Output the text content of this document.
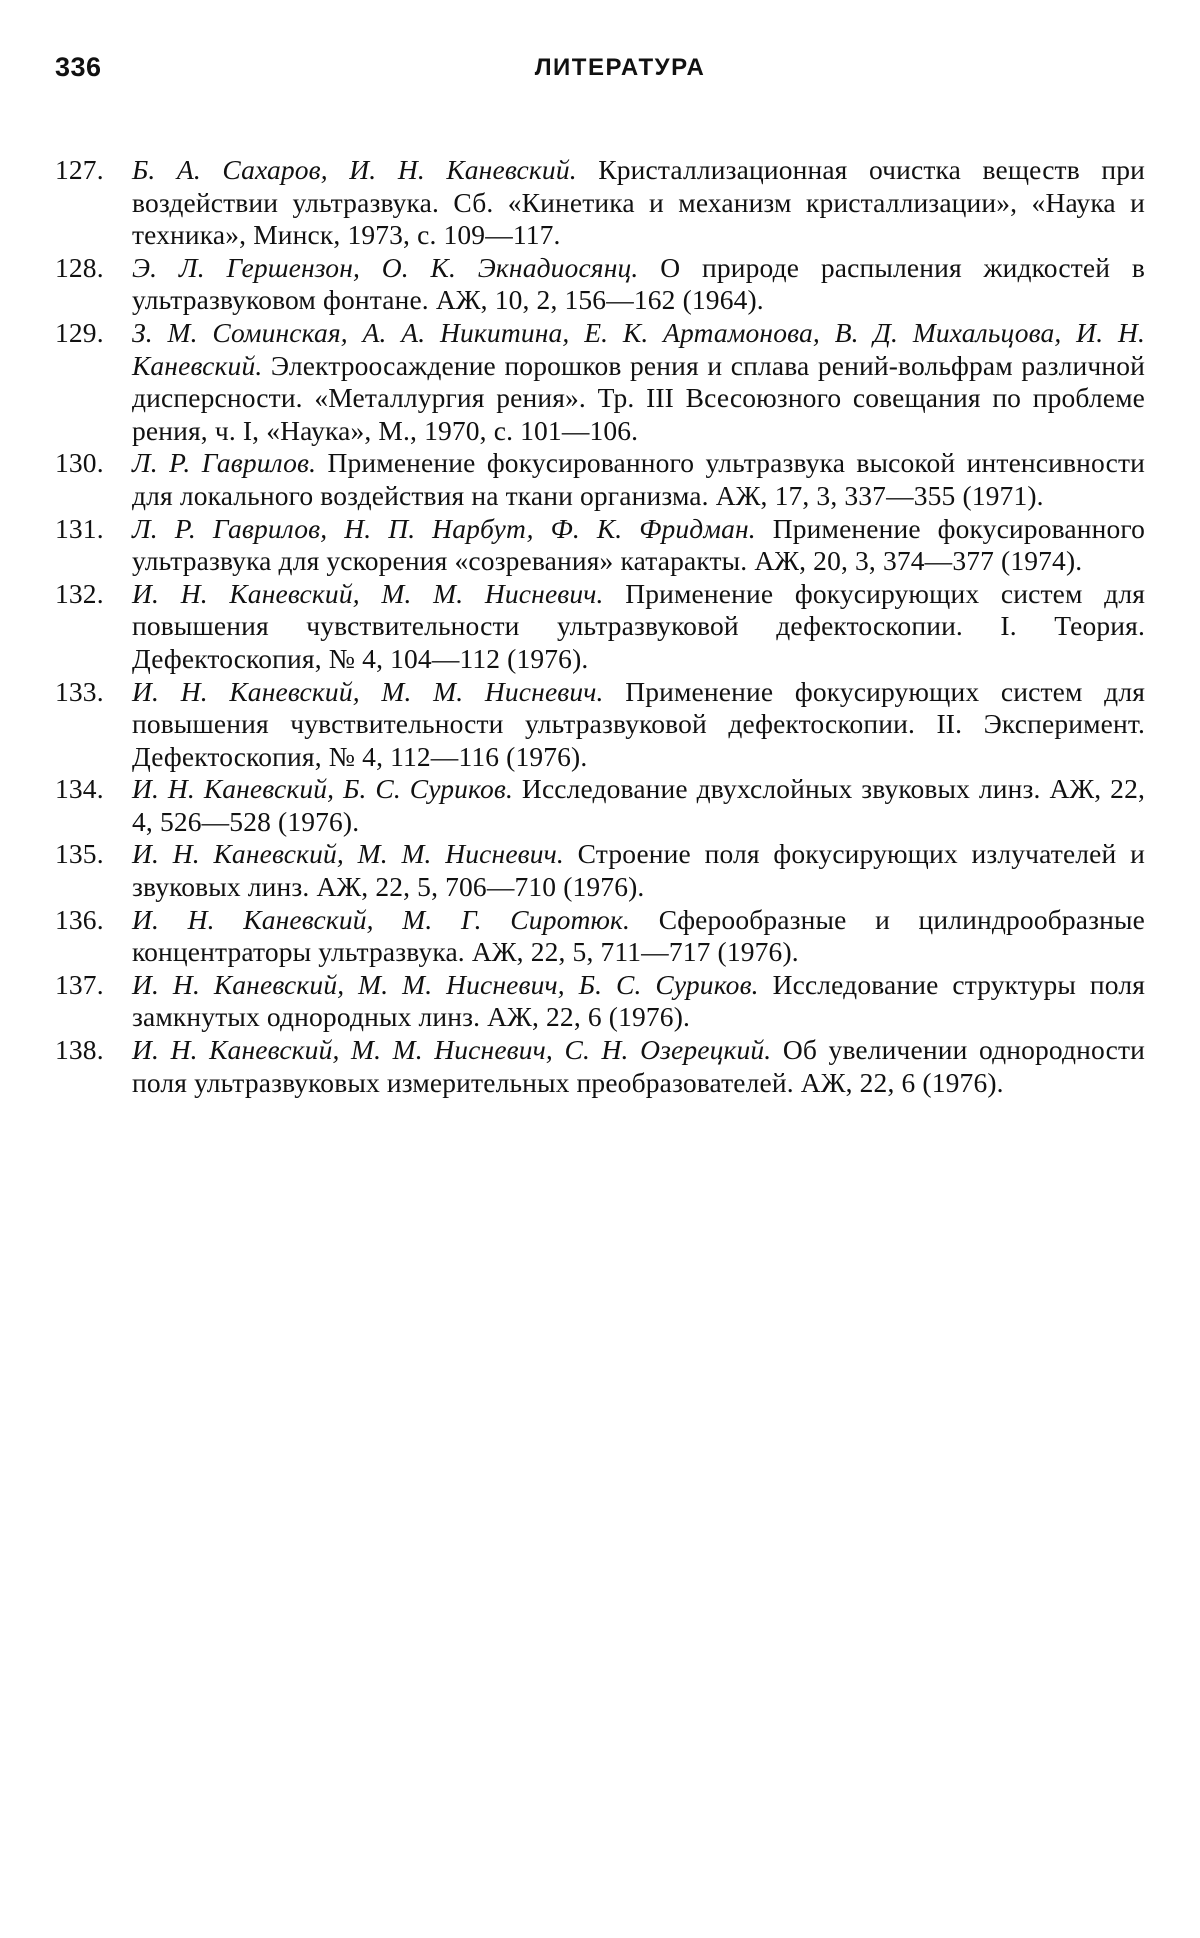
336	ЛИТЕРАТУРА
127.	Б. А. Сахаров, И. Н. Каневский. Кристаллизационная очистка веществ при воздействии ультразвука. Сб. «Кинетика и механизм кристаллизации», «Наука и техника», Минск, 1973, с. 109—117.
128.	Э. Л. Гершензон, О. К. Экнадиосянц. О природе распыления жидкостей в ультразвуковом фонтане. АЖ, 10, 2, 156—162 (1964).
129.	З. М. Соминская, А. А. Никитина, Е. К. Артамонова, В. Д. Михальцова, И. Н. Каневский. Электроосаждение порошков рения и сплава рений-вольфрам различной дисперсности. «Металлургия рения». Тр. III Всесоюзного совещания по проблеме рения, ч. I, «Наука», М., 1970, с. 101—106.
130.	Л. Р. Гаврилов. Применение фокусированного ультразвука высокой интенсивности для локального воздействия на ткани организма. АЖ, 17, 3, 337—355 (1971).
131.	Л. Р. Гаврилов, Н. П. Нарбут, Ф. К. Фридман. Применение фокусированного ультразвука для ускорения «созревания» катаракты. АЖ, 20, 3, 374—377 (1974).
132.	И. Н. Каневский, М. М. Нисневич. Применение фокусирующих систем для повышения чувствительности ультразвуковой дефектоскопии. I. Теория. Дефектоскопия, № 4, 104—112 (1976).
133.	И. Н. Каневский, М. М. Нисневич. Применение фокусирующих систем для повышения чувствительности ультразвуковой дефектоскопии. II. Эксперимент. Дефектоскопия, № 4, 112—116 (1976).
134.	И. Н. Каневский, Б. С. Суриков. Исследование двухслойных звуковых линз. АЖ, 22, 4, 526—528 (1976).
135.	И. Н. Каневский, М. М. Нисневич. Строение поля фокусирующих излучателей и звуковых линз. АЖ, 22, 5, 706—710 (1976).
136.	И. Н. Каневский, М. Г. Сиротюк. Сферообразные и цилиндрообразные концентраторы ультразвука. АЖ, 22, 5, 711—717 (1976).
137.	И. Н. Каневский, М. М. Нисневич, Б. С. Суриков. Исследование структуры поля замкнутых однородных линз. АЖ, 22, 6 (1976).
138.	И. Н. Каневский, М. М. Нисневич, С. Н. Озерецкий. Об увеличении однородности поля ультразвуковых измерительных преобразователей. АЖ, 22, 6 (1976).
